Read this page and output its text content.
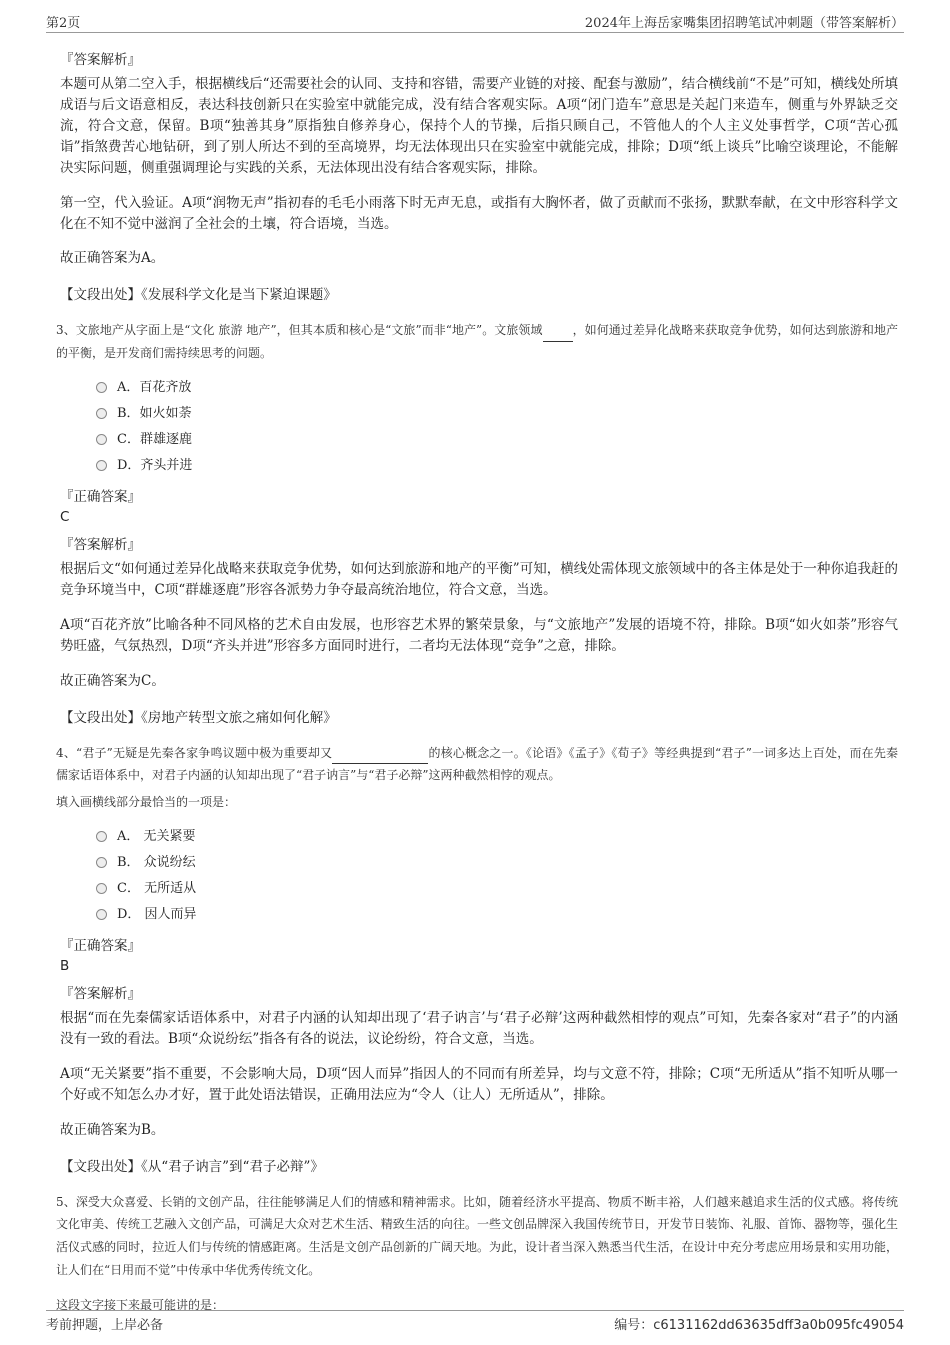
第2页	2024年上海岳家嘴集团招聘笔试冲刺题（带答案解析）
『答案解析』
本题可从第二空入手，根据横线后“还需要社会的认同、支持和容错，需要产业链的对接、配套与激励”，结合横线前“不是”可知，横线处所填成语与后文语意相反，表达科技创新只在实验室中就能完成，没有结合客观实际。A项“闭门造车”意思是关起门来造车，侧重与外界缺乏交流，符合文意，保留。B项“独善其身”原指独自修养身心，保持个人的节操，后指只顾自己，不管他人的个人主义处事哲学，C项“苦心孤诣”指煞费苦心地钻研，到了别人所达不到的至高境界，均无法体现出只在实验室中就能完成，排除；D项“纸上谈兵”比喻空谈理论，不能解决实际问题，侧重强调理论与实践的关系，无法体现出没有结合客观实际，排除。
第一空，代入验证。A项“润物无声”指初春的毛毛小雨落下时无声无息，或指有大胸怀者，做了贡献而不张扬，默默奉献，在文中形容科学文化在不知不觉中滋润了全社会的土壤，符合语境，当选。
故正确答案为A。
【文段出处】《发展科学文化是当下紧迫课题》
3、文旅地产从字面上是“文化 旅游 地产”，但其本质和核心是“文旅”而非“地产”。文旅领域	，如何通过差异化战略来获取竞争优势，如何达到旅游和地产的平衡，是开发商们需持续思考的问题。
A．百花齐放
B．如火如荼
C．群雄逐鹿
D．齐头并进
『正确答案』
C
『答案解析』
根据后文“如何通过差异化战略来获取竞争优势，如何达到旅游和地产的平衡”可知，横线处需体现文旅领域中的各主体是处于一种你追我赶的竞争环境当中，C项“群雄逐鹿”形容各派势力争夺最高统治地位，符合文意，当选。
A项“百花齐放”比喻各种不同风格的艺术自由发展，也形容艺术界的繁荣景象，与“文旅地产”发展的语境不符，排除。B项“如火如荼”形容气势旺盛，气氛热烈，D项“齐头并进”形容多方面同时进行，二者均无法体现“竞争”之意，排除。
故正确答案为C。
【文段出处】《房地产转型文旅之痛如何化解》
4、“君子”无疑是先秦各家争鸣议题中极为重要却又	的核心概念之一。《论语》《孟子》《荀子》等经典提到“君子”一词多达上百处，而在先秦儒家话语体系中，对君子内涵的认知却出现了“君子讷言”与“君子必辩”这两种截然相悖的观点。
填入画横线部分最恰当的一项是：
A． 无关紧要
B． 众说纷纭
C． 无所适从
D． 因人而异
『正确答案』
B
『答案解析』
根据“而在先秦儒家话语体系中，对君子内涵的认知却出现了‘君子讷言’与‘君子必辩’这两种截然相悖的观点”可知，先秦各家对“君子”的内涵没有一致的看法。B项“众说纷纭”指各有各的说法，议论纷纷，符合文意，当选。
A项“无关紧要”指不重要，不会影响大局，D项“因人而异”指因人的不同而有所差异，均与文意不符，排除；C项“无所适从”指不知听从哪一个好或不知怎么办才好，置于此处语法错误，正确用法应为“令人（让人）无所适从”，排除。
故正确答案为B。
【文段出处】《从“君子讷言”到“君子必辩”》
5、深受大众喜爱、长销的文创产品，往往能够满足人们的情感和精神需求。比如，随着经济水平提高、物质不断丰裕，人们越来越追求生活的仪式感。将传统文化审美、传统工艺融入文创产品，可满足大众对艺术生活、精致生活的向往。一些文创品牌深入我国传统节日，开发节日装饰、礼服、首饰、器物等，强化生活仪式感的同时，拉近人们与传统的情感距离。生活是文创产品创新的广阔天地。为此，设计者当深入熟悉当代生活，在设计中充分考虑应用场景和实用功能，让人们在“日用而不觉”中传承中华优秀传统文化。
这段文字接下来最可能讲的是：
考前押题，上岸必备	编号：c6131162dd63635dff3a0b095fc49054
